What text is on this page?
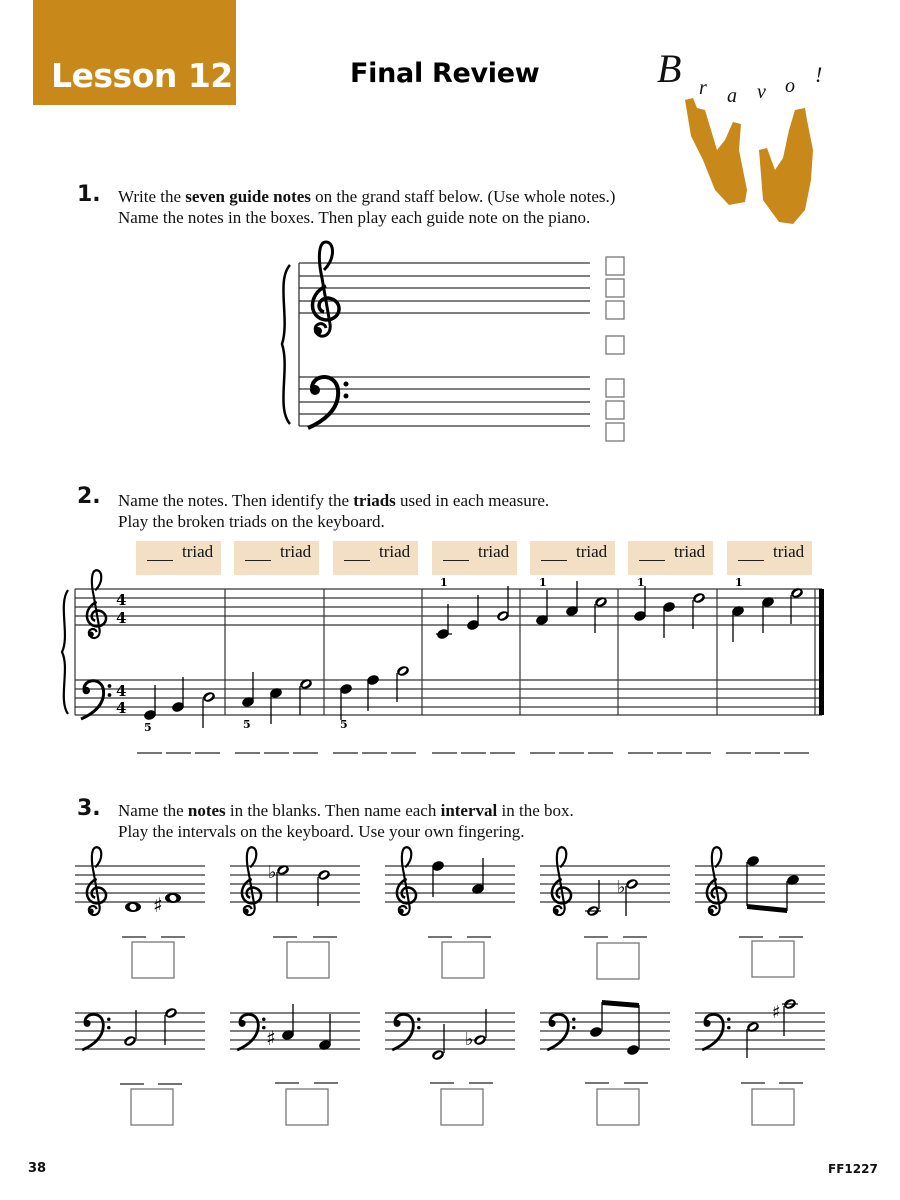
Lesson 12	Final Review	B r a v o !
1. Write the seven guide notes on the grand staff below. (Use whole notes.)
Name the notes in the boxes. Then play each guide note on the piano.
4
4
4
4
5	5	5
1	1	1	1
♯
♭
♭
♯	♭
♯
2. Name the notes. Then identify the triads used in each measure.
Play the broken triads on the keyboard.
triad	triad	triad	triad	triad	triad	triad
3. Name the notes in the blanks. Then name each interval in the box.
Play the intervals on the keyboard. Use your own fingering.
38	FF1227
